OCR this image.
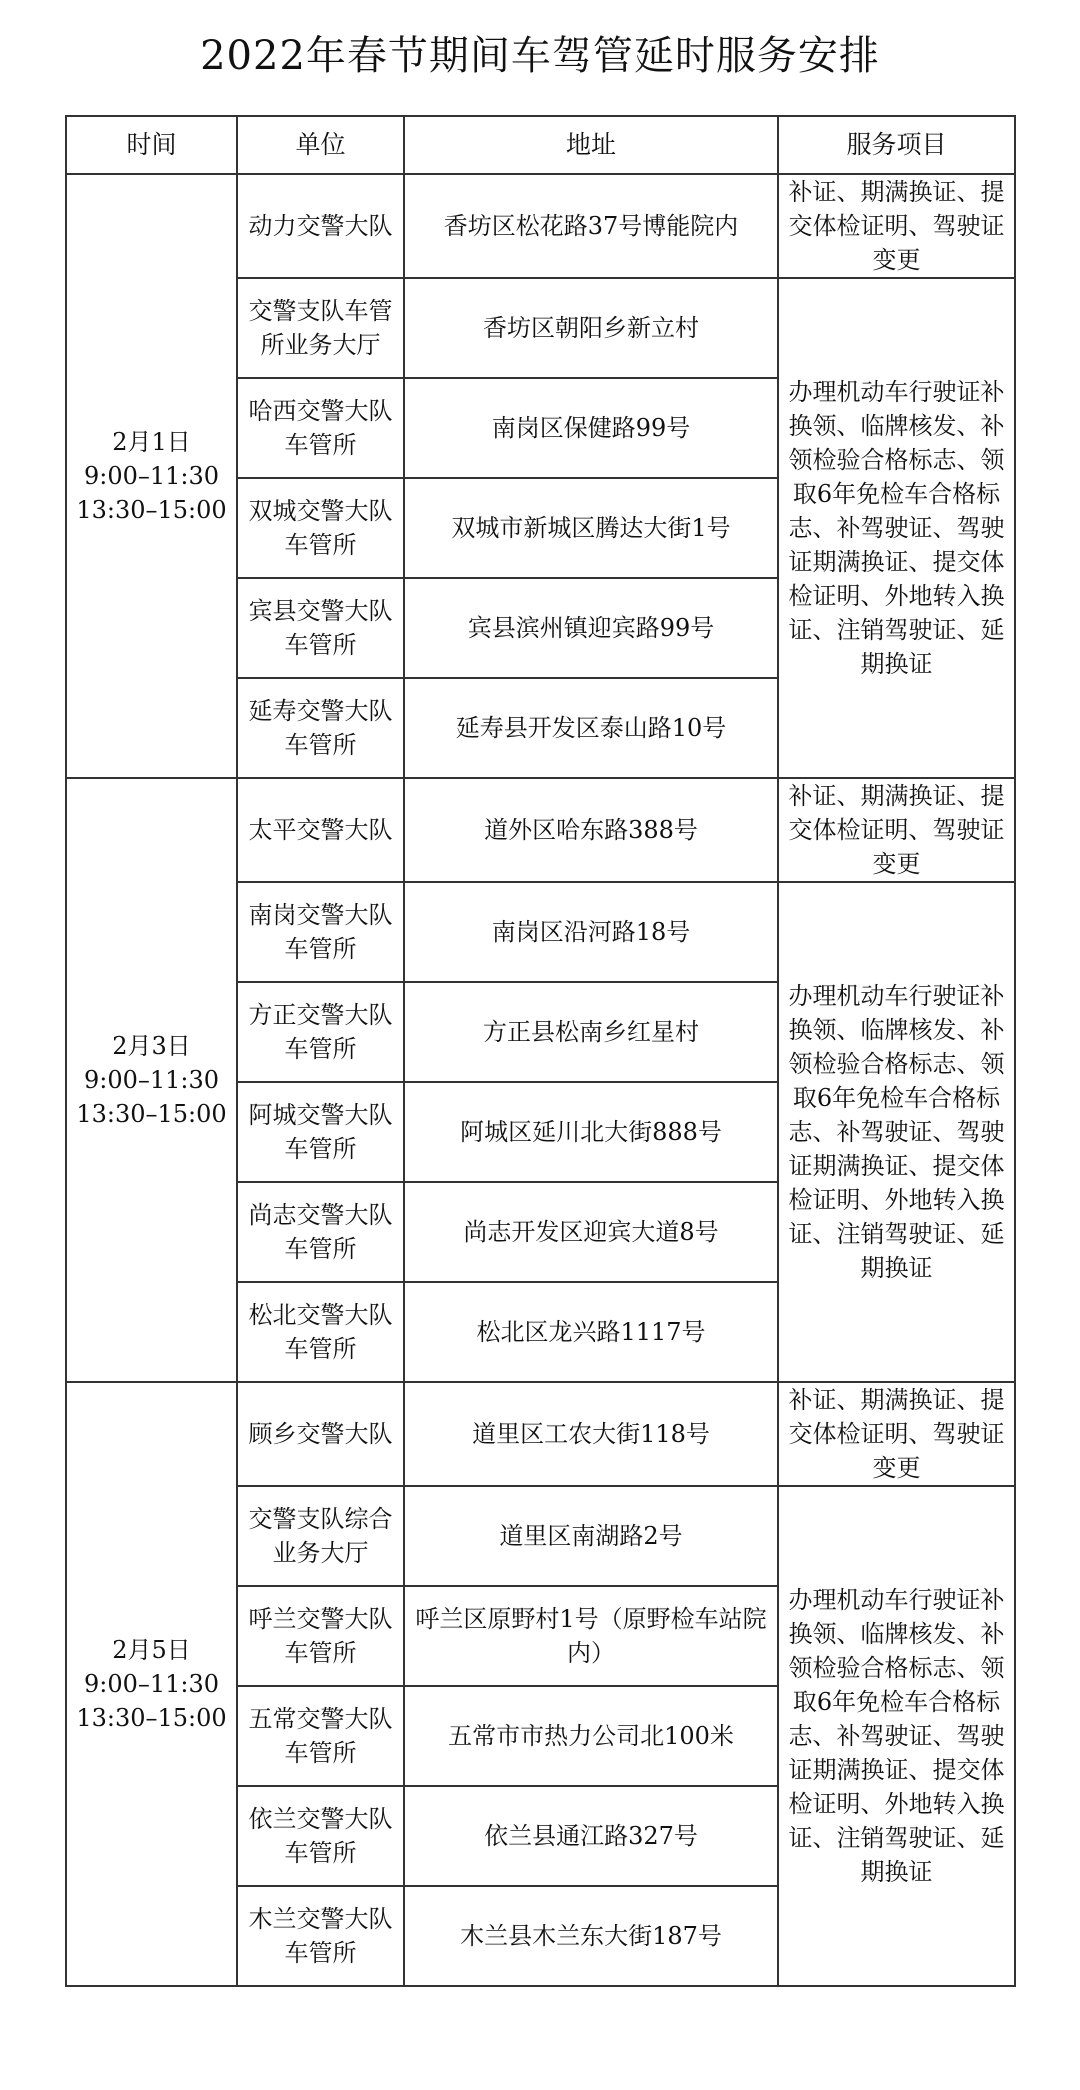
2022年春节期间车驾管延时服务安排
时间	单位	地址	服务项目

2月1日
9:00–11:30
13:30–15:00	动力交警大队	香坊区松花路37号博能院内	补证、期满换证、提交体检证明、驾驶证变更
	交警支队车管所业务大厅	香坊区朝阳乡新立村	办理机动车行驶证补换领、临牌核发、补领检验合格标志、领取6年免检车合格标志、补驾驶证、驾驶证期满换证、提交体检证明、外地转入换证、注销驾驶证、延期换证
	哈西交警大队车管所	南岗区保健路99号	
	双城交警大队车管所	双城市新城区腾达大街1号	
	宾县交警大队车管所	宾县滨州镇迎宾路99号	
	延寿交警大队车管所	延寿县开发区泰山路10号	

2月3日
9:00–11:30
13:30–15:00	太平交警大队	道外区哈东路388号	补证、期满换证、提交体检证明、驾驶证变更
	南岗交警大队车管所	南岗区沿河路18号	办理机动车行驶证补换领、临牌核发、补领检验合格标志、领取6年免检车合格标志、补驾驶证、驾驶证期满换证、提交体检证明、外地转入换证、注销驾驶证、延期换证
	方正交警大队车管所	方正县松南乡红星村	
	阿城交警大队车管所	阿城区延川北大街888号	
	尚志交警大队车管所	尚志开发区迎宾大道8号	
	松北交警大队车管所	松北区龙兴路1117号	

2月5日
9:00–11:30
13:30–15:00	顾乡交警大队	道里区工农大街118号	补证、期满换证、提交体检证明、驾驶证变更
	交警支队综合业务大厅	道里区南湖路2号	办理机动车行驶证补换领、临牌核发、补领检验合格标志、领取6年免检车合格标志、补驾驶证、驾驶证期满换证、提交体检证明、外地转入换证、注销驾驶证、延期换证
	呼兰交警大队车管所	呼兰区原野村1号（原野检车站院内）	
	五常交警大队车管所	五常市市热力公司北100米	
	依兰交警大队车管所	依兰县通江路327号	
	木兰交警大队车管所	木兰县木兰东大街187号	
